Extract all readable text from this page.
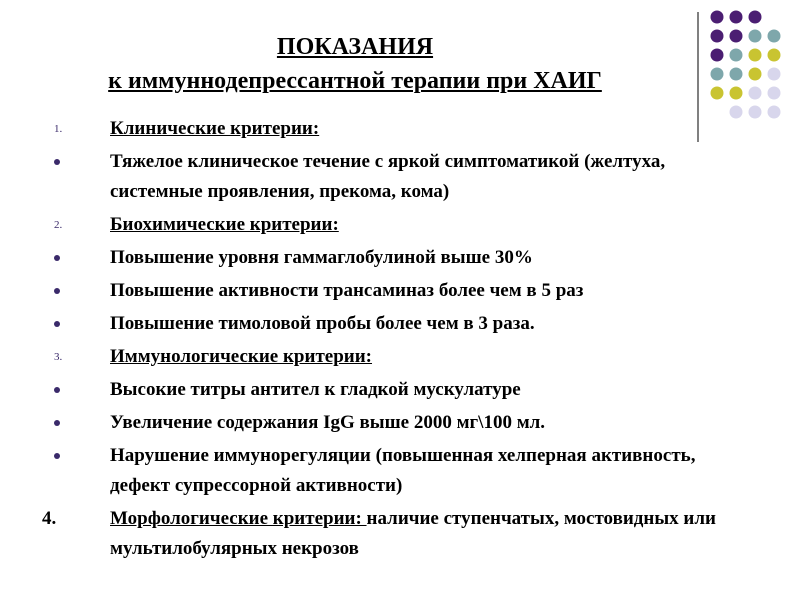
ПОКАЗАНИЯ
к иммуннодепрессантной терапии при ХАИГ
1.	Клинические критерии:
Тяжелое клиническое течение с яркой симптоматикой (желтуха, системные проявления, прекома, кома)
2.	Биохимические критерии:
Повышение уровня гаммаглобулиной выше 30%
Повышение активности трансаминаз более чем в 5 раз
Повышение тимоловой пробы более чем в 3 раза.
3.	Иммунологические критерии:
Высокие титры антител к гладкой мускулатуре
Увеличение содержания IgG выше 2000 мг\100 мл.
Нарушение иммунорегуляции (повышенная хелперная активность, дефект супрессорной активности)
4.	Морфологические критерии: наличие ступенчатых, мостовидных или мультилобулярных некрозов
